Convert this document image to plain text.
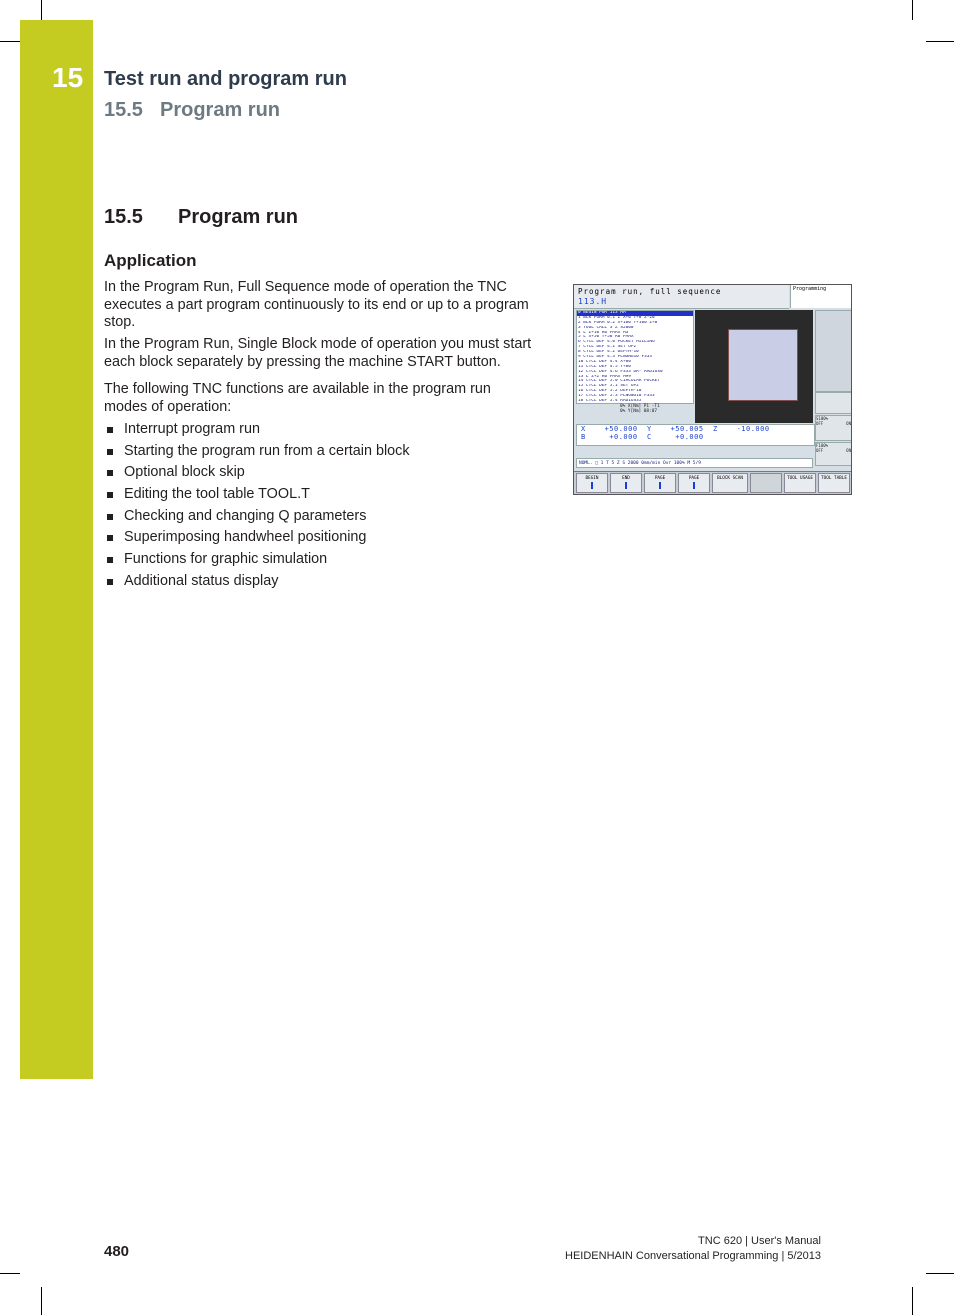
15 Test run and program run
15.5 Program run
15.5 Program run
Application

In the Program Run, Full Sequence mode of operation the TNC executes a part program continuously to its end or up to a program stop.

In the Program Run, Single Block mode of operation you must start each block separately by pressing the machine START button.

The following TNC functions are available in the program run modes of operation:

Interrupt program run
Starting the program run from a certain block
Optional block skip
Editing the tool table TOOL.T
Checking and changing Q parameters
Superimposing handwheel positioning
Functions for graphic simulation
Additional status display
Program run, full sequence
113.H
Programming
0 BEGIN PGM 113 MM
1 BLK FORM 0.1 Z X+0 Y+0 Z-20
2 BLK FORM 0.2 X+100 Y+100 Z+0
3 TOOL CALL 3 Z S2000
4 L Z+10 R0 FMAX M3
5 L X+50 Y+50 R0 FMAX
6 CYCL DEF 4.0 POCKET MILLING
7 CYCL DEF 4.1 SET UP2
8 CYCL DEF 4.2 DEPTH-10
9 CYCL DEF 4.3 PLNGNG10 F333
10 CYCL DEF 4.4 X+80
11 CYCL DEF 4.5 Y+80
12 CYCL DEF 4.6 F333 DR- RADIUS0
13 L Z+2 R0 FMAX M99
14 CYCL DEF 5.0 CIRCULAR POCKET
15 CYCL DEF 5.1 SET UP2
16 CYCL DEF 5.2 DEPTH-10
17 CYCL DEF 5.3 PLNGNG10 F333
18 CYCL DEF 5.4 RADIUS35
0% X[Nm] P1 -T1
0% Y[Nm] 08:07
X    +50.000  Y    +50.005  Z    -10.000
B     +0.000  C     +0.000
S100%
OFF	ON
F100%
OFF	ON
NOML. □ 1 T 5 Z S 2000 0mm/min Ovr 100% M 5/9
BEGIN	END	PAGE	PAGE	BLOCK SCAN	TOOL USAGE	TOOL TABLE
480
TNC 620 | User's Manual
HEIDENHAIN Conversational Programming | 5/2013
